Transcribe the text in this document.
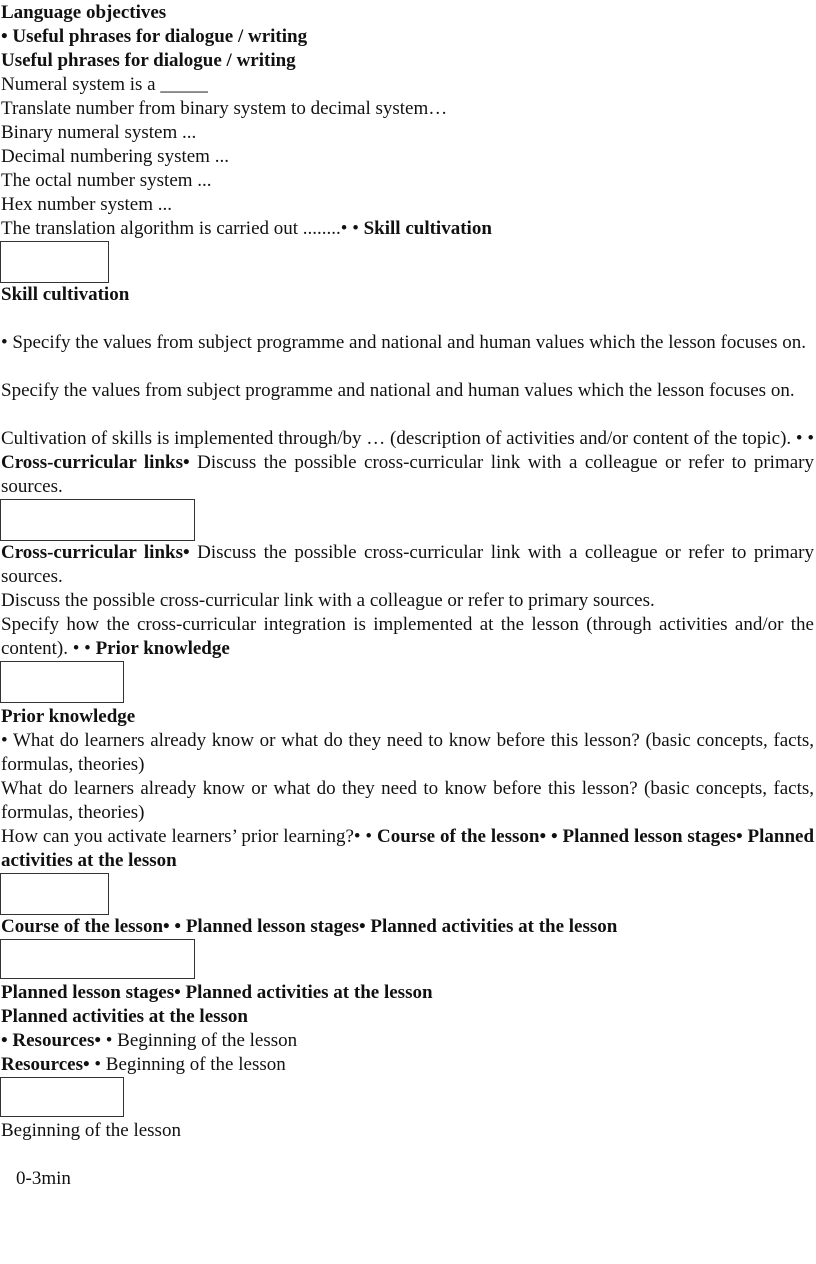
Language objectives
• Useful phrases for dialogue / writing
Useful phrases for dialogue / writing
Numeral system is a _____
Translate number from binary system to decimal system…
Binary numeral system ...
Decimal numbering system ...
The octal number system ...
Hex number system ...
The translation algorithm is carried out ........• • Skill cultivation
Skill cultivation
• Specify the values from subject programme and national and human values which the lesson focuses on.
Specify the values from subject programme and national and human values which the lesson focuses on.
Cultivation of skills is implemented through/by … (description of activities and/or content of the topic). • • Cross-curricular links• Discuss the possible cross-curricular link with a colleague or refer to primary sources.
Cross-curricular links• Discuss the possible cross-curricular link with a colleague or refer to primary sources.
Discuss the possible cross-curricular link with a colleague or refer to primary sources.
Specify how the cross-curricular integration is implemented at the lesson (through activities and/or the content). • • Prior knowledge
Prior knowledge
• What do learners already know or what do they need to know before this lesson? (basic concepts, facts, formulas, theories)
What do learners already know or what do they need to know before this lesson? (basic concepts, facts, formulas, theories)
How can you activate learners’ prior learning?• • Course of the lesson• • Planned lesson stages• Planned activities at the lesson
Course of the lesson• • Planned lesson stages• Planned activities at the lesson
Planned lesson stages• Planned activities at the lesson
Planned activities at the lesson
• Resources• • Beginning of the lesson
Resources• • Beginning of the lesson
Beginning of the lesson
0-3min
